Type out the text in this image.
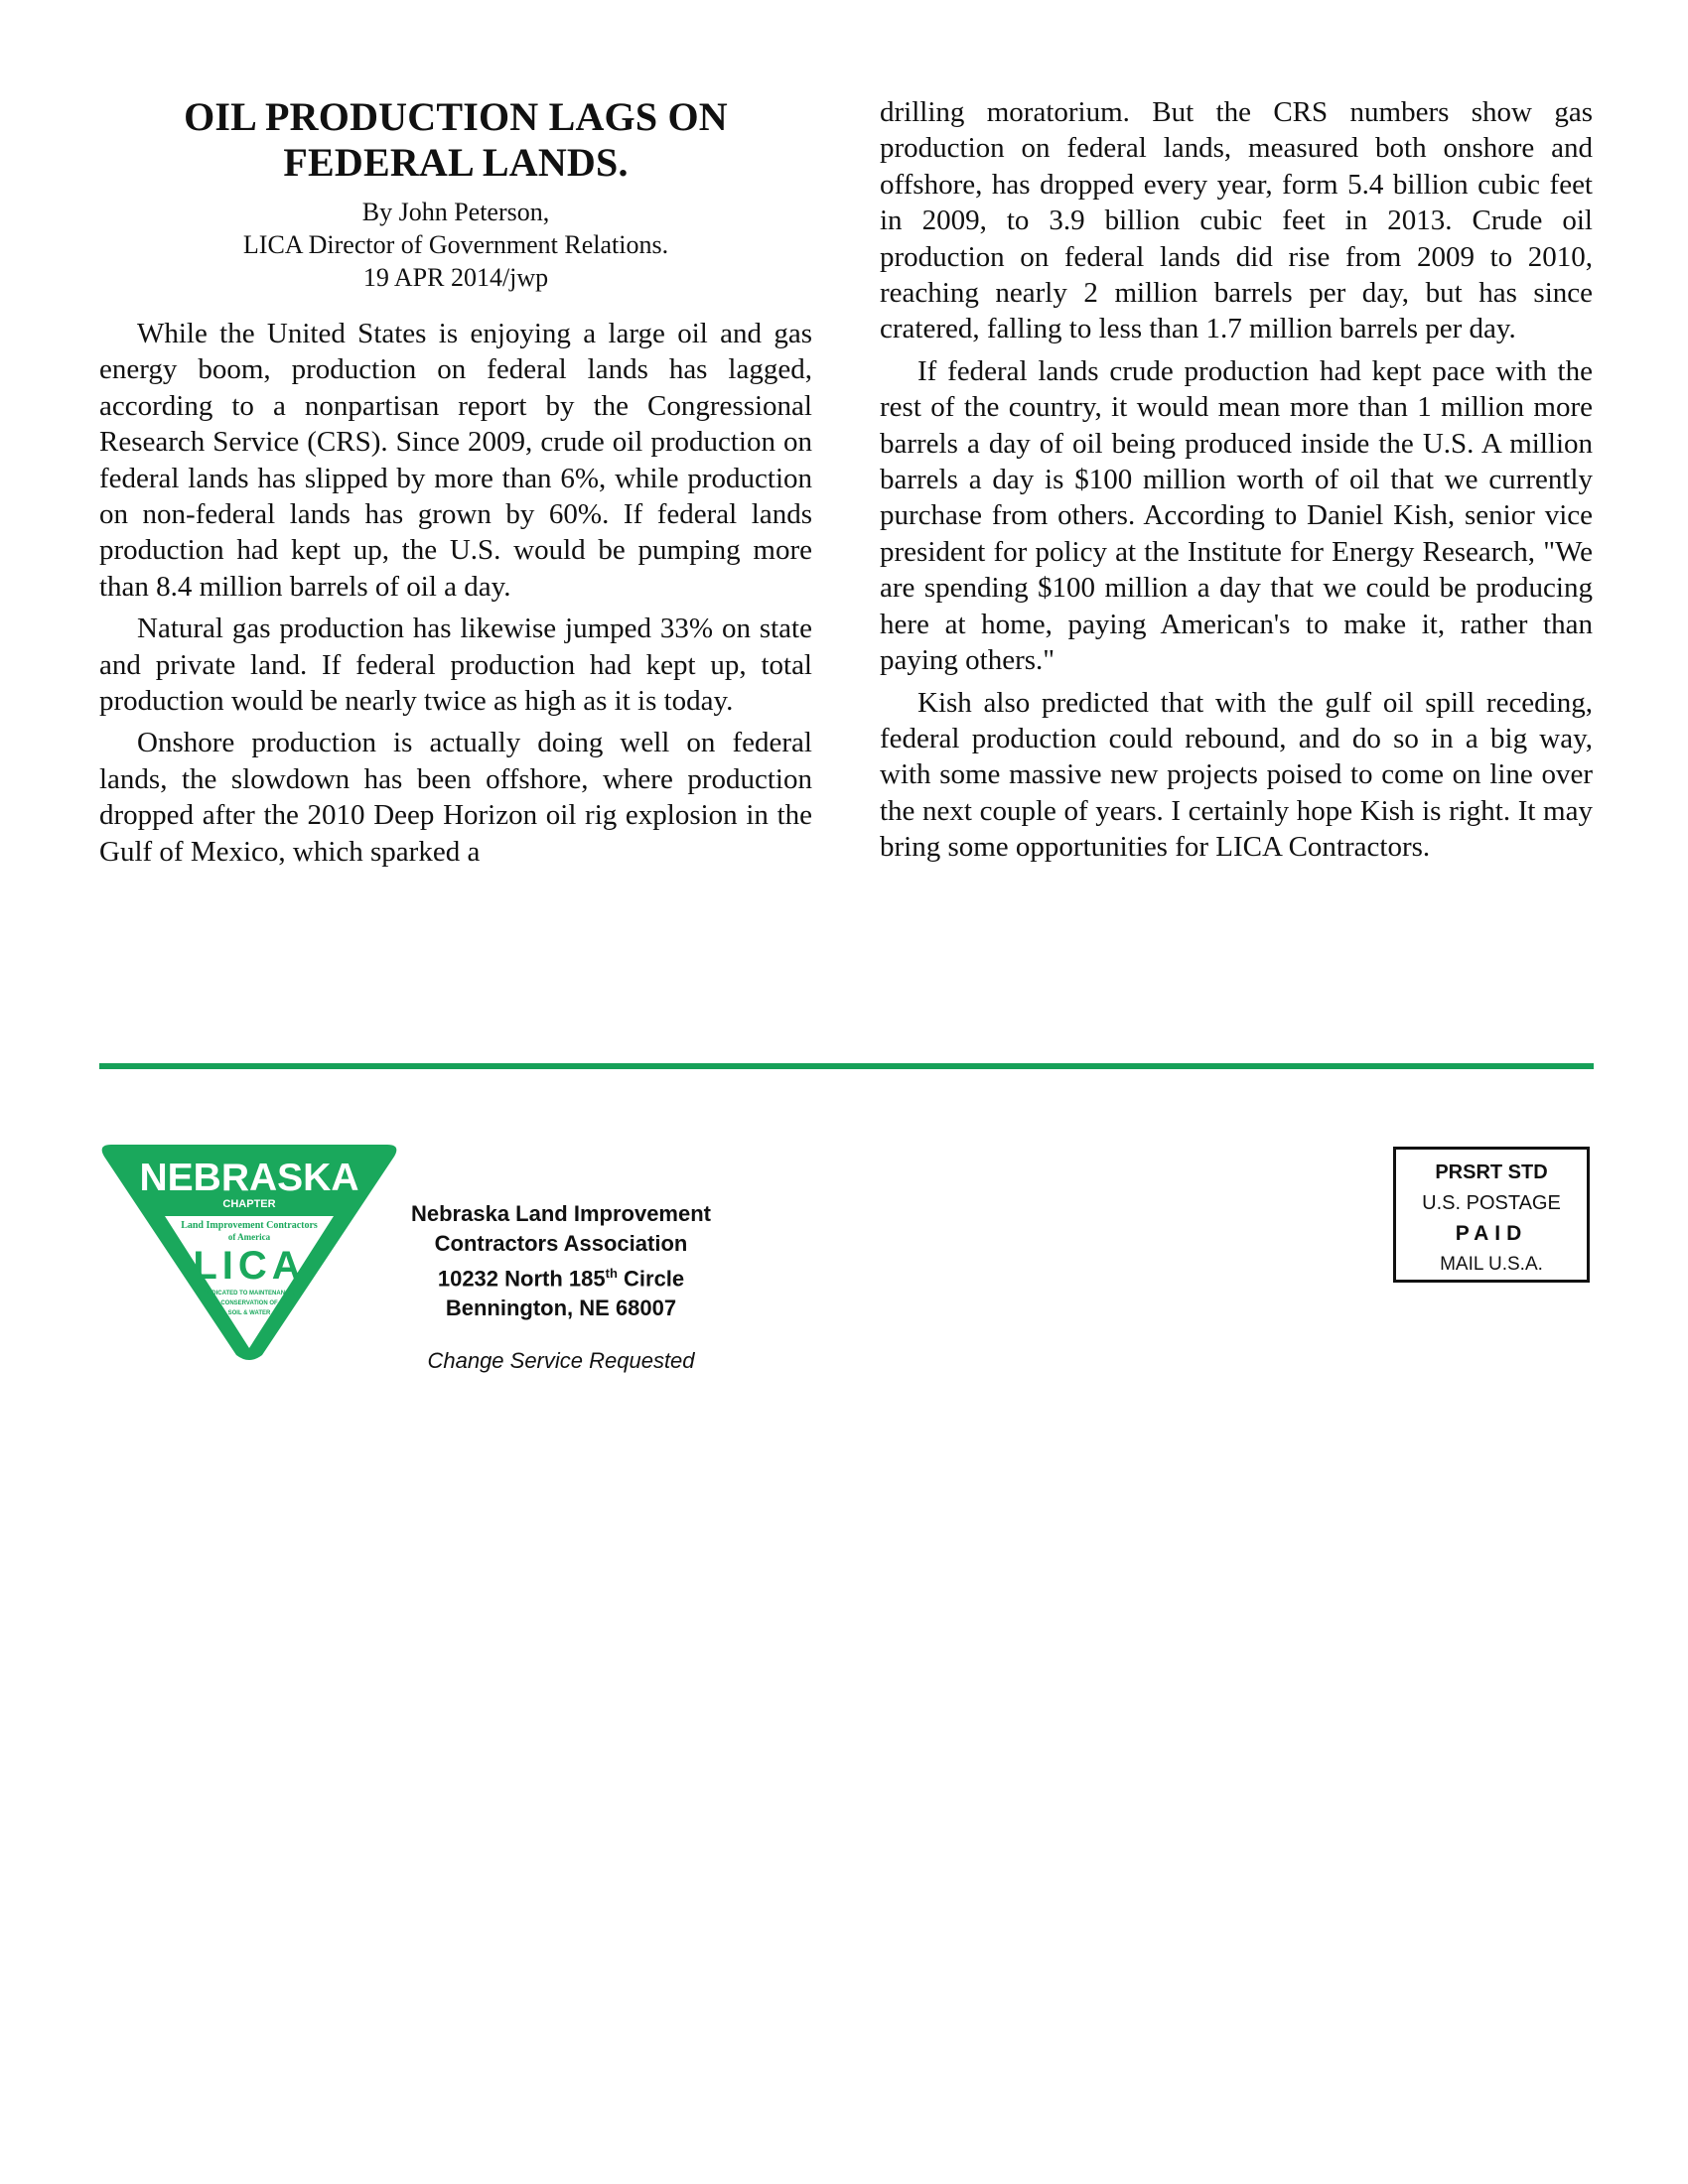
OIL PRODUCTION LAGS ON
FEDERAL LANDS.
By John Peterson,
LICA Director of Government Relations.
19 APR 2014/jwp

While the United States is enjoying a large oil and gas energy boom, production on federal lands has lagged, according to a nonpartisan report by the Congressional Research Service (CRS). Since 2009, crude oil production on federal lands has slipped by more than 6%, while production on non-federal lands has grown by 60%. If federal lands production had kept up, the U.S. would be pumping more than 8.4 million barrels of oil a day.

Natural gas production has likewise jumped 33% on state and private land. If federal production had kept up, total production would be nearly twice as high as it is today.

Onshore production is actually doing well on federal lands, the slowdown has been offshore, where production dropped after the 2010 Deep Horizon oil rig explosion in the Gulf of Mexico, which sparked a

drilling moratorium. But the CRS numbers show gas production on federal lands, measured both onshore and offshore, has dropped every year, form 5.4 billion cubic feet in 2009, to 3.9 billion cubic feet in 2013. Crude oil production on federal lands did rise from 2009 to 2010, reaching nearly 2 million barrels per day, but has since cratered, falling to less than 1.7 million barrels per day.

If federal lands crude production had kept pace with the rest of the country, it would mean more than 1 million more barrels a day of oil being produced inside the U.S. A million barrels a day is $100 million worth of oil that we currently purchase from others. According to Daniel Kish, senior vice president for policy at the Institute for Energy Research, "We are spending $100 million a day that we could be producing here at home, paying American's to make it, rather than paying others."

Kish also predicted that with the gulf oil spill receding, federal production could rebound, and do so in a big way, with some massive new projects poised to come on line over the next couple of years. I certainly hope Kish is right. It may bring some opportunities for LICA Contractors.

NEBRASKA
CHAPTER
Land Improvement Contractors
of America
LICA
DEDICATED TO MAINTENANCE,
CONSERVATION OF
SOIL & WATER
Nebraska Land Improvement
Contractors Association
10232 North 185th Circle
Bennington, NE 68007
Change Service Requested
PRSRT STD
U.S. POSTAGE
PAID
MAIL U.S.A.
